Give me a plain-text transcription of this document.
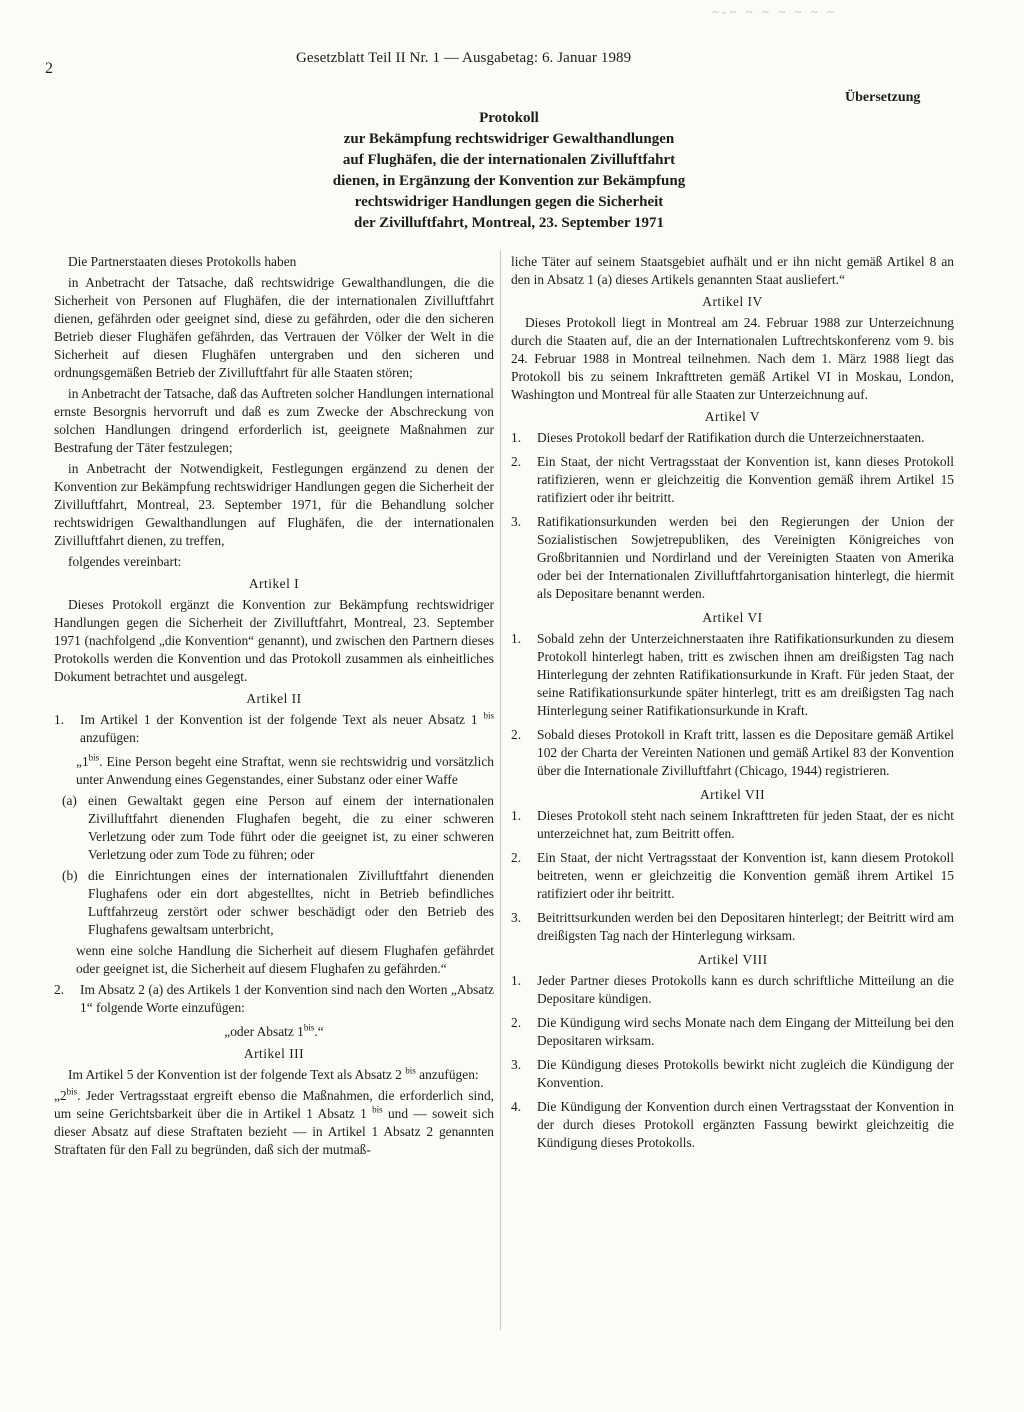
~-~ ~ ~ ~ ~ ~ ~
2
Gesetzblatt Teil II Nr. 1 — Ausgabetag: 6. Januar 1989
Übersetzung
Protokoll
zur Bekämpfung rechtswidriger Gewalthandlungen
auf Flughäfen, die der internationalen Zivilluftfahrt
dienen, in Ergänzung der Konvention zur Bekämpfung
rechtswidriger Handlungen gegen die Sicherheit
der Zivilluftfahrt, Montreal, 23. September 1971

Die Partnerstaaten dieses Protokolls haben

in Anbetracht der Tatsache, daß rechtswidrige Gewalthandlungen, die die Sicherheit von Personen auf Flughäfen, die der internationalen Zivilluftfahrt dienen, gefährden oder geeignet sind, diese zu gefährden, oder die den sicheren Betrieb dieser Flughäfen gefährden, das Vertrauen der Völker der Welt in die Sicherheit auf diesen Flughäfen untergraben und den sicheren und ordnungsgemäßen Betrieb der Zivilluftfahrt für alle Staaten stören;

in Anbetracht der Tatsache, daß das Auftreten solcher Handlungen international ernste Besorgnis hervorruft und daß es zum Zwecke der Abschreckung von solchen Handlungen dringend erforderlich ist, geeignete Maßnahmen zur Bestrafung der Täter festzulegen;

in Anbetracht der Notwendigkeit, Festlegungen ergänzend zu denen der Konvention zur Bekämpfung rechtswidriger Handlungen gegen die Sicherheit der Zivilluftfahrt, Montreal, 23. September 1971, für die Behandlung solcher rechtswidrigen Gewalthandlungen auf Flughäfen, die der internationalen Zivilluftfahrt dienen, zu treffen,

folgendes vereinbart:

Artikel I

Dieses Protokoll ergänzt die Konvention zur Bekämpfung rechtswidriger Handlungen gegen die Sicherheit der Zivilluftfahrt, Montreal, 23. September 1971 (nachfolgend „die Konvention“ genannt), und zwischen den Partnern dieses Protokolls werden die Konvention und das Protokoll zusammen als einheitliches Dokument betrachtet und ausgelegt.

Artikel II
1. Im Artikel 1 der Konvention ist der folgende Text als neuer Absatz 1 $^{bis}$ anzufügen:
$„1^{bis}$. Eine Person begeht eine Straftat, wenn sie rechtswidrig und vorsätzlich unter Anwendung eines Gegenstandes, einer Substanz oder einer Waffe
(a) einen Gewaltakt gegen eine Person auf einem der internationalen Zivilluftfahrt dienenden Flughafen begeht, die zu einer schweren Verletzung oder zum Tode führt oder die geeignet ist, zu einer schweren Verletzung oder zum Tode zu führen; oder
(b) die Einrichtungen eines der internationalen Zivilluftfahrt dienenden Flughafens oder ein dort abgestelltes, nicht in Betrieb befindliches Luftfahrzeug zerstört oder schwer beschädigt oder den Betrieb des Flughafens gewaltsam unterbricht,

wenn eine solche Handlung die Sicherheit auf diesem Flughafen gefährdet oder geeignet ist, die Sicherheit auf diesem Flughafen zu gefährden.“

2. Im Absatz 2 (a) des Artikels 1 der Konvention sind nach den Worten „Absatz 1“ folgende Worte einzufügen:
„oder Absatz $1^{bis}.“$
Artikel III

Im Artikel 5 der Konvention ist der folgende Text als Absatz 2 $^{bis}$ anzufügen:

$„2^{bis}$. Jeder Vertragsstaat ergreift ebenso die Maßnahmen, die erforderlich sind, um seine Gerichtsbarkeit über die in Artikel 1 Absatz 1 $^{bis}$ und — soweit sich dieser Absatz auf diese Straftaten bezieht — in Artikel 1 Absatz 2 genannten Straftaten für den Fall zu begründen, daß sich der mutmaß-

liche Täter auf seinem Staatsgebiet aufhält und er ihn nicht gemäß Artikel 8 an den in Absatz 1 (a) dieses Artikels genannten Staat ausliefert.“

Artikel IV

Dieses Protokoll liegt in Montreal am 24. Februar 1988 zur Unterzeichnung durch die Staaten auf, die an der Internationalen Luftrechtskonferenz vom 9. bis 24. Februar 1988 in Montreal teilnehmen. Nach dem 1. März 1988 liegt das Protokoll bis zu seinem Inkrafttreten gemäß Artikel VI in Moskau, London, Washington und Montreal für alle Staaten zur Unterzeichnung auf.

Artikel V
1. Dieses Protokoll bedarf der Ratifikation durch die Unterzeichnerstaaten.
2. Ein Staat, der nicht Vertragsstaat der Konvention ist, kann dieses Protokoll ratifizieren, wenn er gleichzeitig die Konvention gemäß ihrem Artikel 15 ratifiziert oder ihr beitritt.
3. Ratifikationsurkunden werden bei den Regierungen der Union der Sozialistischen Sowjetrepubliken, des Vereinigten Königreiches von Großbritannien und Nordirland und der Vereinigten Staaten von Amerika oder bei der Internationalen Zivilluftfahrtorganisation hinterlegt, die hiermit als Depositare benannt werden.
Artikel VI
1. Sobald zehn der Unterzeichnerstaaten ihre Ratifikationsurkunden zu diesem Protokoll hinterlegt haben, tritt es zwischen ihnen am dreißigsten Tag nach Hinterlegung der zehnten Ratifikationsurkunde in Kraft. Für jeden Staat, der seine Ratifikationsurkunde später hinterlegt, tritt es am dreißigsten Tag nach Hinterlegung seiner Ratifikationsurkunde in Kraft.
2. Sobald dieses Protokoll in Kraft tritt, lassen es die Depositare gemäß Artikel 102 der Charta der Vereinten Nationen und gemäß Artikel 83 der Konvention über die Internationale Zivilluftfahrt (Chicago, 1944) registrieren.
Artikel VII
1. Dieses Protokoll steht nach seinem Inkrafttreten für jeden Staat, der es nicht unterzeichnet hat, zum Beitritt offen.
2. Ein Staat, der nicht Vertragsstaat der Konvention ist, kann diesem Protokoll beitreten, wenn er gleichzeitig die Konvention gemäß ihrem Artikel 15 ratifiziert oder ihr beitritt.
3. Beitrittsurkunden werden bei den Depositaren hinterlegt; der Beitritt wird am dreißigsten Tag nach der Hinterlegung wirksam.
Artikel VIII
1. Jeder Partner dieses Protokolls kann es durch schriftliche Mitteilung an die Depositare kündigen.
2. Die Kündigung wird sechs Monate nach dem Eingang der Mitteilung bei den Depositaren wirksam.
3. Die Kündigung dieses Protokolls bewirkt nicht zugleich die Kündigung der Konvention.
4. Die Kündigung der Konvention durch einen Vertragsstaat der Konvention in der durch dieses Protokoll ergänzten Fassung bewirkt gleichzeitig die Kündigung dieses Protokolls.
